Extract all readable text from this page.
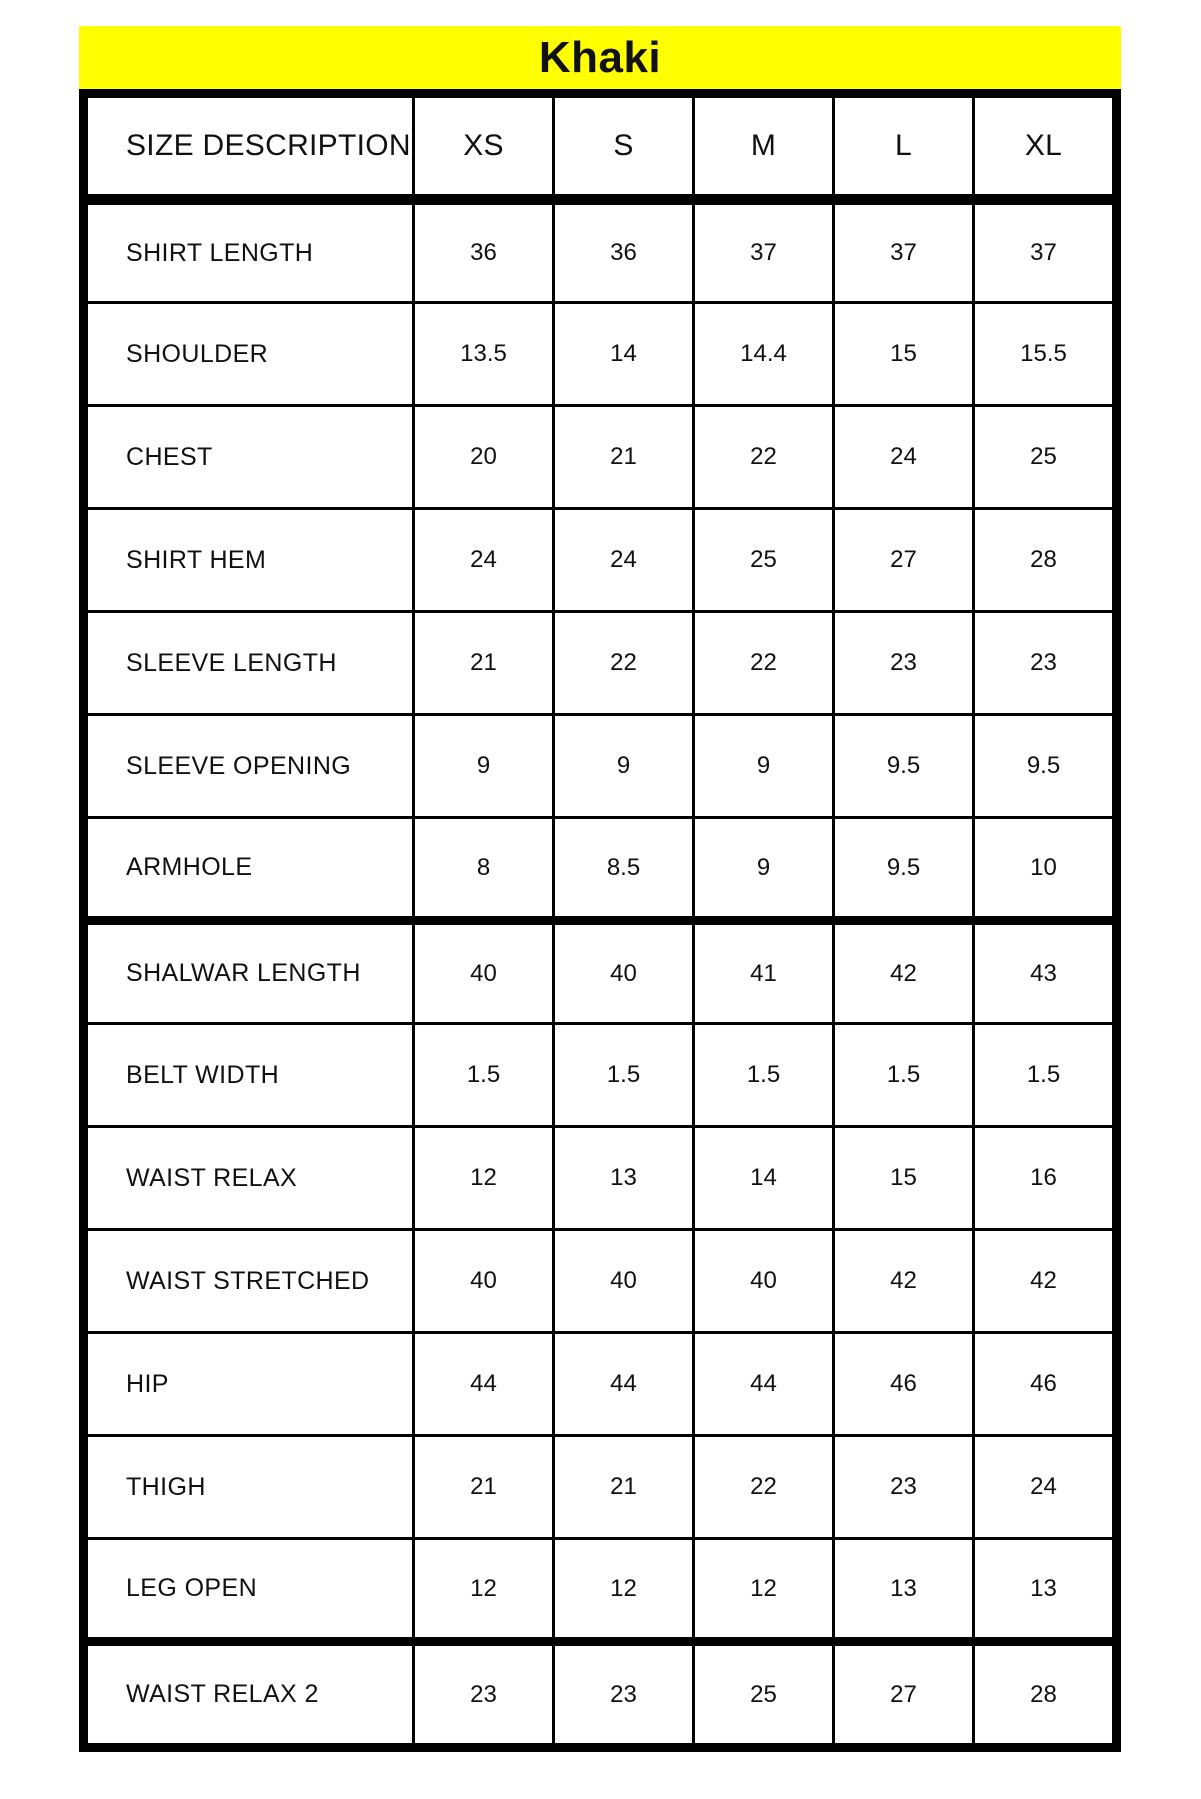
Khaki
SIZE DESCRIPTION	XS	S	M	L	XL
SHIRT LENGTH	36	36	37	37	37
SHOULDER	13.5	14	14.4	15	15.5
CHEST	20	21	22	24	25
SHIRT HEM	24	24	25	27	28
SLEEVE LENGTH	21	22	22	23	23
SLEEVE OPENING	9	9	9	9.5	9.5
ARMHOLE	8	8.5	9	9.5	10
SHALWAR LENGTH	40	40	41	42	43
BELT WIDTH	1.5	1.5	1.5	1.5	1.5
WAIST RELAX	12	13	14	15	16
WAIST STRETCHED	40	40	40	42	42
HIP	44	44	44	46	46
THIGH	21	21	22	23	24
LEG OPEN	12	12	12	13	13
WAIST RELAX 2	23	23	25	27	28
